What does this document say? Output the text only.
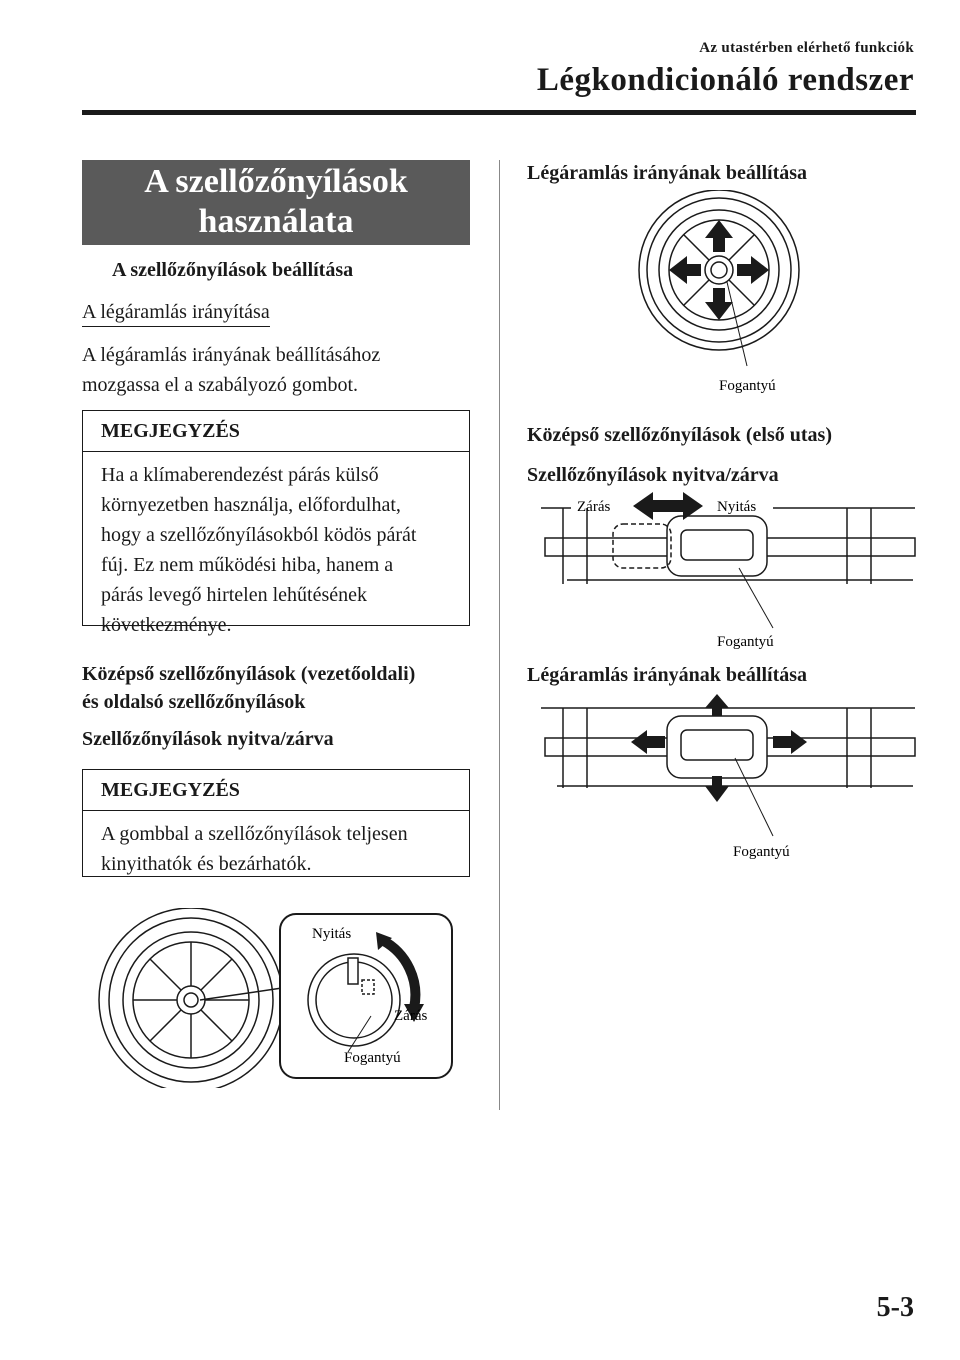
Az utastérben elérhető funkciók
Légkondicionáló rendszer
A szellőzőnyílások
használata
A szellőzőnyílások beállítása
A légáramlás irányítása
A légáramlás irányának beállításához
mozgassa el a szabályozó gombot.
MEGJEGYZÉS
Ha a klímaberendezést párás külső
környezetben használja, előfordulhat,
hogy a szellőzőnyílásokból ködös párát
fúj. Ez nem működési hiba, hanem a
párás levegő hirtelen lehűtésének
következménye.
Középső szellőzőnyílások (vezetőoldali)
és oldalsó szellőzőnyílások
Szellőzőnyílások nyitva/zárva
MEGJEGYZÉS
A gombbal a szellőzőnyílások teljesen
kinyithatók és bezárhatók.
Nyitás
Zárás
Fogantyú
Légáramlás irányának beállítása
Fogantyú
Középső szellőzőnyílások (első utas)
Szellőzőnyílások nyitva/zárva
Zárás	Nyitás
Fogantyú
Légáramlás irányának beállítása
Fogantyú
5-3
